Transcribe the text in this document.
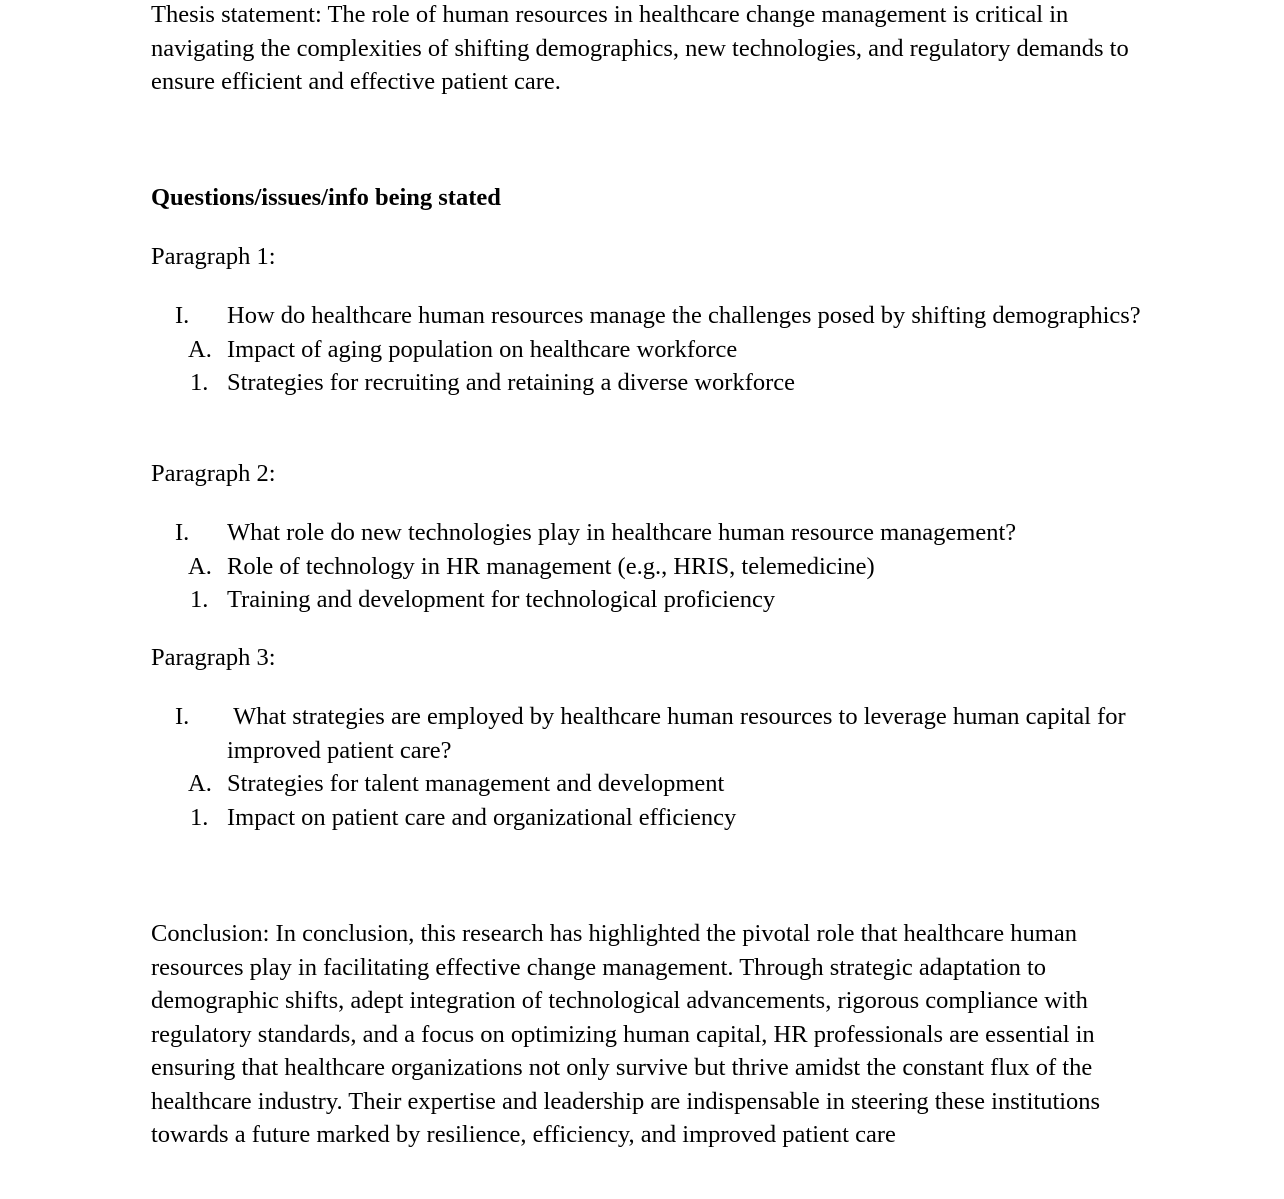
Thesis statement: The role of human resources in healthcare change management is critical in navigating the complexities of shifting demographics, new technologies, and regulatory demands to ensure efficient and effective patient care.

Questions/issues/info being stated

Paragraph 1:

I.	How do healthcare human resources manage the challenges posed by shifting demographics?
A. Impact of aging population on healthcare workforce
1. Strategies for recruiting and retaining a diverse workforce

Paragraph 2:

I.	What role do new technologies play in healthcare human resource management?
A. Role of technology in HR management (e.g., HRIS, telemedicine)
1. Training and development for technological proficiency

Paragraph 3:

I.	What strategies are employed by healthcare human resources to leverage human capital for improved patient care?
A. Strategies for talent management and development
1. Impact on patient care and organizational efficiency

Conclusion: In conclusion, this research has highlighted the pivotal role that healthcare human resources play in facilitating effective change management. Through strategic adaptation to demographic shifts, adept integration of technological advancements, rigorous compliance with regulatory standards, and a focus on optimizing human capital, HR professionals are essential in ensuring that healthcare organizations not only survive but thrive amidst the constant flux of the healthcare industry. Their expertise and leadership are indispensable in steering these institutions towards a future marked by resilience, efficiency, and improved patient care
